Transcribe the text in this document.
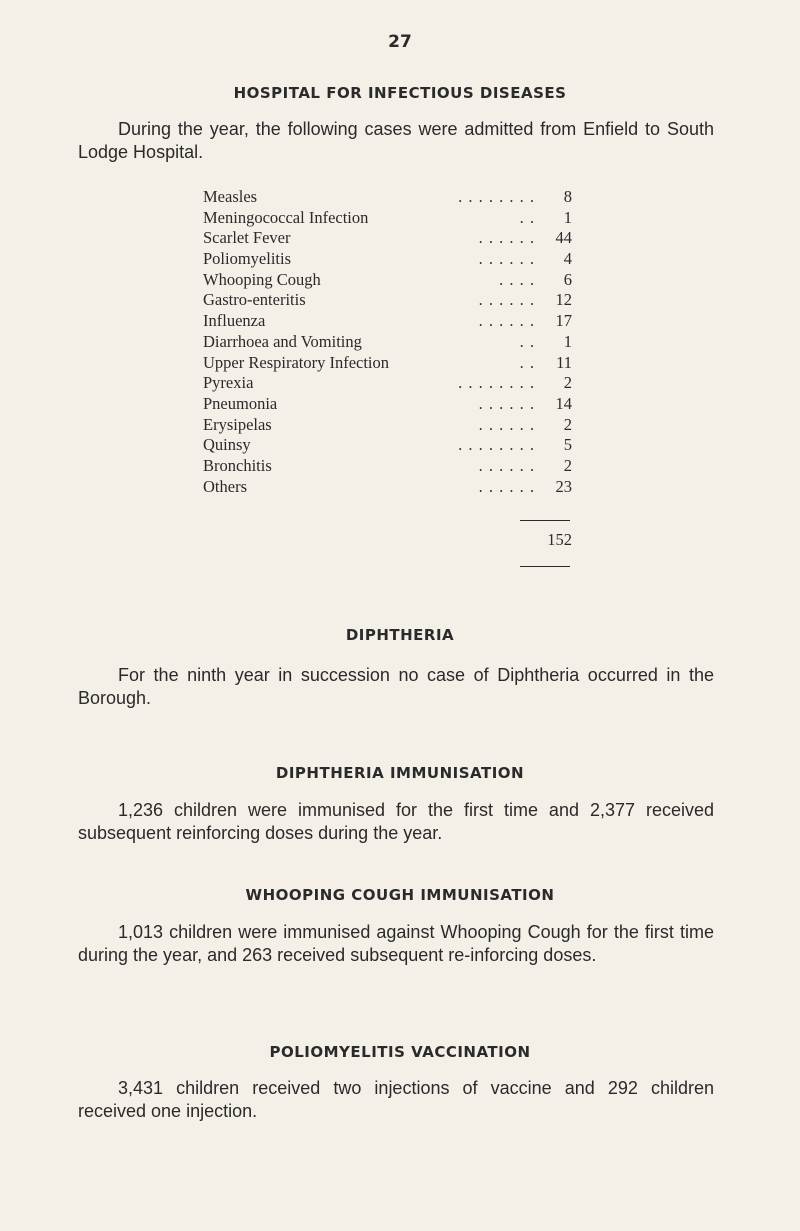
27
HOSPITAL FOR INFECTIOUS DISEASES
During the year, the following cases were admitted from Enfield to South Lodge Hospital.
. . . . . . . .
Measles	8
. .
Meningococcal Infection	1
. . . . . .
Scarlet Fever	44
. . . . . .
Poliomyelitis	4
. . . .
Whooping Cough	6
. . . . . .
Gastro-enteritis	12
. . . . . .
Influenza	17
. .
Diarrhoea and Vomiting	1
. .
Upper Respiratory Infection	11
. . . . . . . .
Pyrexia	2
. . . . . .
Pneumonia	14
. . . . . .
Erysipelas	2
. . . . . . . .
Quinsy	5
. . . . . .
Bronchitis	2
. . . . . .
Others	23
152
DIPHTHERIA
For the ninth year in succession no case of Diphtheria occurred in the Borough.
DIPHTHERIA IMMUNISATION
1,236 children were immunised for the first time and 2,377 received subsequent reinforcing doses during the year.
WHOOPING COUGH IMMUNISATION
1,013 children were immunised against Whooping Cough for the first time during the year, and 263 received subsequent re-inforcing doses.
POLIOMYELITIS VACCINATION
3,431 children received two injections of vaccine and 292 children received one injection.
